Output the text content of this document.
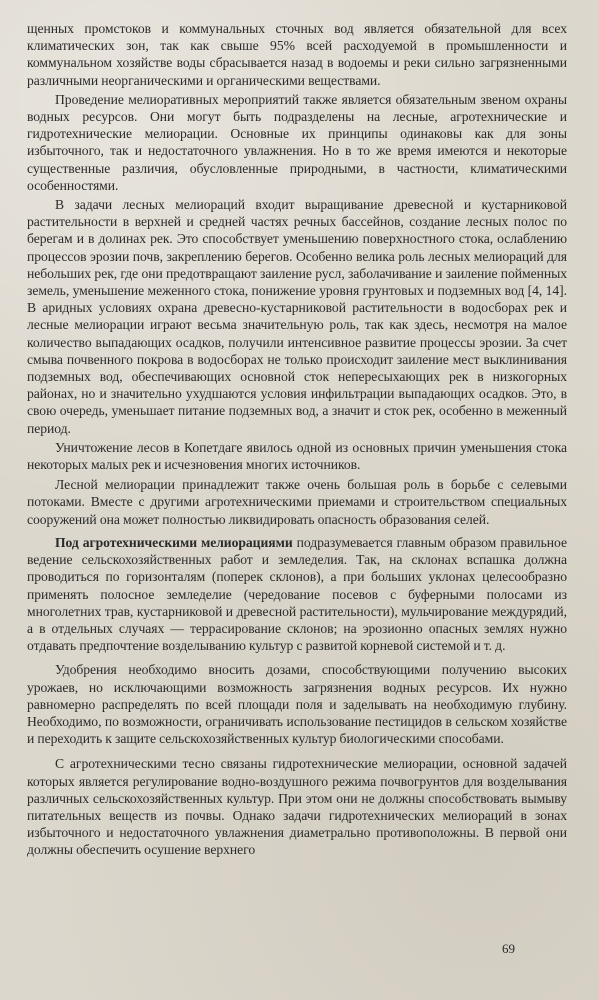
щенных промстоков и коммунальных сточных вод является обязательной для всех климатических зон, так как свыше 95% всей расходуемой в промышленности и коммунальном хозяйстве воды сбрасывается назад в водоемы и реки сильно загрязненными различными неорганическими и органическими веществами.

Проведение мелиоративных мероприятий также является обязательным звеном охраны водных ресурсов. Они могут быть подразделены на лесные, агротехнические и гидротехнические мелиорации. Основные их принципы одинаковы как для зоны избыточного, так и недостаточного увлажнения. Но в то же время имеются и некоторые существенные различия, обусловленные природными, в частности, климатическими особенностями.

В задачи лесных мелиораций входит выращивание древесной и кустарниковой растительности в верхней и средней частях речных бассейнов, создание лесных полос по берегам и в долинах рек. Это способствует уменьшению поверхностного стока, ослаблению процессов эрозии почв, закреплению берегов. Особенно велика роль лесных мелиораций для небольших рек, где они предотвращают заиление русл, заболачивание и заиление пойменных земель, уменьшение меженного стока, понижение уровня грунтовых и подземных вод [4, 14]. В аридных условиях охрана древесно-кустарниковой растительности в водосборах рек и лесные мелиорации играют весьма значительную роль, так как здесь, несмотря на малое количество выпадающих осадков, получили интенсивное развитие процессы эрозии. За счет смыва почвенного покрова в водосборах не только происходит заиление мест выклинивания подземных вод, обеспечивающих основной сток непересыхающих рек в низкогорных районах, но и значительно ухудшаются условия инфильтрации выпадающих осадков. Это, в свою очередь, уменьшает питание подземных вод, а значит и сток рек, особенно в меженный период.

Уничтожение лесов в Копетдаге явилось одной из основных причин уменьшения стока некоторых малых рек и исчезновения многих источников.

Лесной мелиорации принадлежит также очень большая роль в борьбе с селевыми потоками. Вместе с другими агротехническими приемами и строительством специальных сооружений она может полностью ликвидировать опасность образования селей.

Под агротехническими мелиорациями подразумевается главным образом правильное ведение сельскохозяйственных работ и земледелия. Так, на склонах вспашка должна проводиться по горизонталям (поперек склонов), а при больших уклонах целесообразно применять полосное земледелие (чередование посевов с буферными полосами из многолетних трав, кустарниковой и древесной растительности), мульчирование междурядий, а в отдельных случаях — террасирование склонов; на эрозионно опасных землях нужно отдавать предпочтение возделыванию культур с развитой корневой системой и т. д.

Удобрения необходимо вносить дозами, способствующими получению высоких урожаев, но исключающими возможность загрязнения водных ресурсов. Их нужно равномерно распределять по всей площади поля и заделывать на необходимую глубину. Необходимо, по возможности, ограничивать использование пестицидов в сельском хозяйстве и переходить к защите сельскохозяйственных культур биологическими способами.

С агротехническими тесно связаны гидротехнические мелиорации, основной задачей которых является регулирование водно-воздушного режима почвогрунтов для возделывания различных сельскохозяйственных культур. При этом они не должны способствовать вымыву питательных веществ из почвы. Однако задачи гидротехнических мелиораций в зонах избыточного и недостаточного увлажнения диаметрально противоположны. В первой они должны обеспечить осушение верхнего

69
